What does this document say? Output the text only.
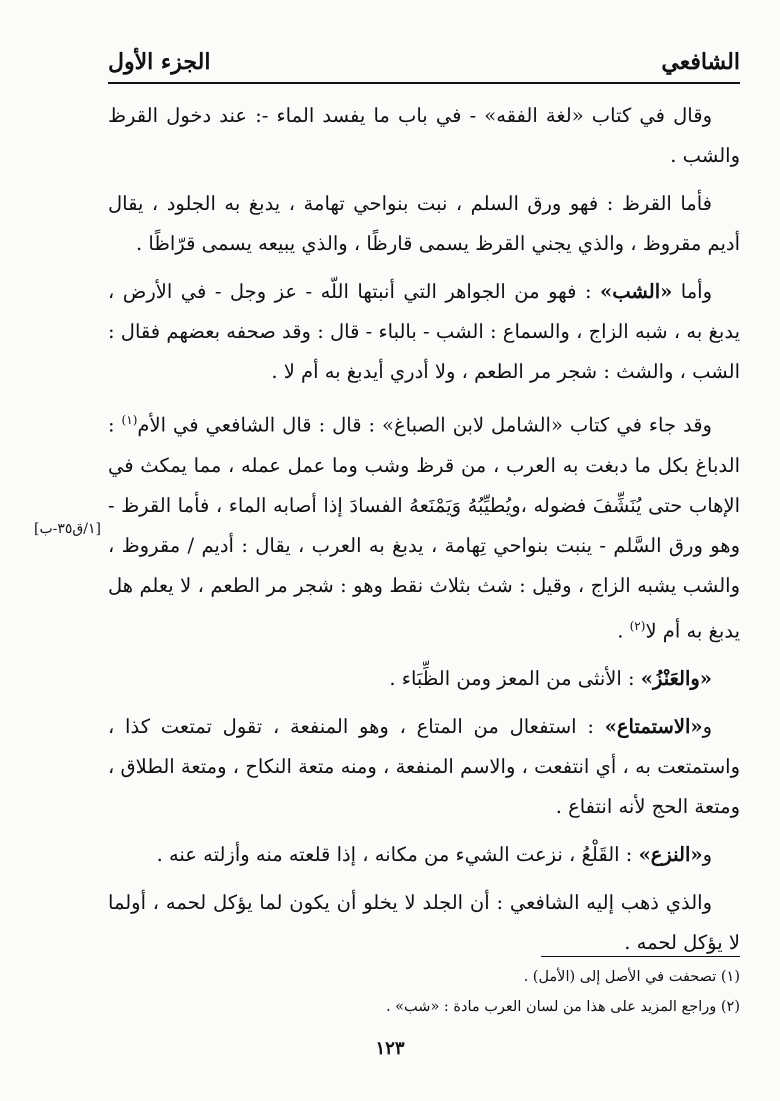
الجزء الأول	الشافعي

وقال في كتاب «لغة الفقه» - في باب ما يفسد الماء -: عند دخول القرظ والشب .

فأما القرظ : فهو ورق السلم ، نبت بنواحي تهامة ، يدبغ به الجلود ، يقال أديم مقروظ ، والذي يجني القرظ يسمى قارظًا ، والذي يبيعه يسمى قرّاظًا .

وأما «الشب» : فهو من الجواهر التي أنبتها اللّه - عز وجل - في الأرض ، يدبغ به ، شبه الزاج ، والسماع : الشب - بالباء - قال : وقد صحفه بعضهم فقال : الشب ، والشث : شجر مر الطعم ، ولا أدري أيدبغ به أم لا .

وقد جاء في كتاب «الشامل لابن الصباغ» : قال : قال الشافعي في الأم$^{(١)}$ : الدباغ بكل ما دبغت به العرب ، من قرظ وشب وما عمل عمله ، مما يمكث في الإهاب حتى يُنَشِّفَ فضوله ،ويُطيِّبُهُ وَيَمْنَعهُ الفسادَ إذا أصابه الماء ، فأما القرظ - وهو ورق السَّلم - ينبت بنواحي تِهامة ، يدبغ به العرب ، يقال : أديم / مقروظ ، والشب يشبه الزاج ، وقيل : شث بثلاث نقط وهو : شجر مر الطعم ، لا يعلم هل يدبغ به أم لا$^{(٢)}$ .

«والعَنْزُ» : الأنثى من المعز ومن الظِّبَاء .

و«الاستمتاع» : استفعال من المتاع ، وهو المنفعة ، تقول تمتعت كذا ، واستمتعت به ، أي انتفعت ، والاسم المنفعة ، ومنه متعة النكاح ، ومتعة الطلاق ، ومتعة الحج لأنه انتفاع .

و«النزع» : القَلْعُ ، نزعت الشيء من مكانه ، إذا قلعته منه وأزلته عنه .

والذي ذهب إليه الشافعي : أن الجلد لا يخلو أن يكون لما يؤكل لحمه ، أولما لا يؤكل لحمه .

[١/ق٣٥-ب]
(١) تصحفت في الأصل إلى (الأمل) .
(٢) وراجع المزيد على هذا من لسان العرب مادة : «شب» .
١٢٣
